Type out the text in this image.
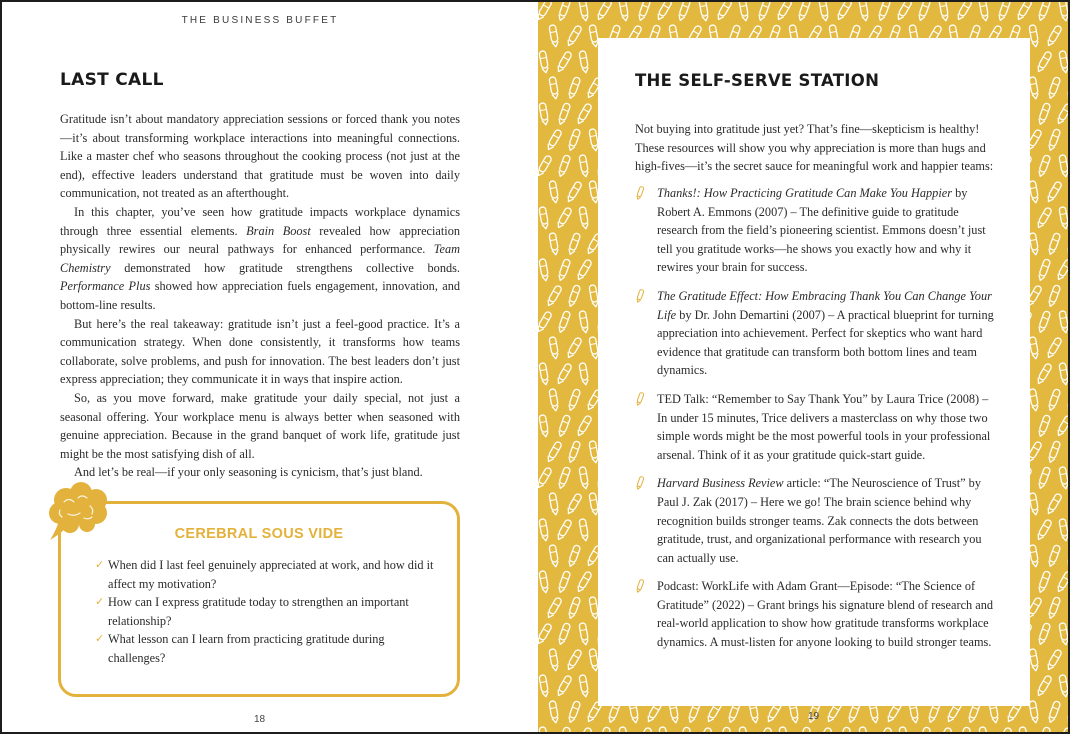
THE BUSINESS BUFFET
LAST CALL

Gratitude isn’t about mandatory appreciation sessions or forced thank you notes—it’s about transforming workplace interactions into meaningful connections. Like a master chef who seasons throughout the cooking process (not just at the end), effective leaders understand that gratitude must be woven into daily communication, not treated as an afterthought.

In this chapter, you’ve seen how gratitude impacts workplace dynamics through three essential elements. Brain Boost revealed how appreciation physically rewires our neural pathways for enhanced performance. Team Chemistry demonstrated how gratitude strengthens collective bonds. Performance Plus showed how appreciation fuels engagement, innovation, and bottom-line results.

But here’s the real takeaway: gratitude isn’t just a feel-good practice. It’s a communication strategy. When done consistently, it transforms how teams collaborate, solve problems, and push for innovation. The best leaders don’t just express appreciation; they communicate it in ways that inspire action.

So, as you move forward, make gratitude your daily special, not just a seasonal offering. Your workplace menu is always better when seasoned with genuine appreciation. Because in the grand banquet of work life, gratitude just might be the most satisfying dish of all.

And let’s be real—if your only seasoning is cynicism, that’s just bland.

CEREBRAL SOUS VIDE
✓ When did I last feel genuinely appreciated at work, and how did it affect my motivation?
✓ How can I express gratitude today to strengthen an important relationship?
✓ What lesson can I learn from practicing gratitude during challenges?
18
THE SELF-SERVE STATION
Not buying into gratitude just yet? That’s fine—skepticism is healthy! These resources will show you why appreciation is more than hugs and high-fives—it’s the secret sauce for meaningful work and happier teams:
Thanks!: How Practicing Gratitude Can Make You Happier by Robert A. Emmons (2007) – The definitive guide to gratitude research from the field’s pioneering scientist. Emmons doesn’t just tell you gratitude works—he shows you exactly how and why it rewires your brain for success.
The Gratitude Effect: How Embracing Thank You Can Change Your Life by Dr. John Demartini (2007) – A practical blueprint for turning appreciation into achievement. Perfect for skeptics who want hard evidence that gratitude can transform both bottom lines and team dynamics.
TED Talk: “Remember to Say Thank You” by Laura Trice (2008) – In under 15 minutes, Trice delivers a masterclass on why those two simple words might be the most powerful tools in your professional arsenal. Think of it as your gratitude quick-start guide.
Harvard Business Review article: “The Neuroscience of Trust” by Paul J. Zak (2017) – Here we go! The brain science behind why recognition builds stronger teams. Zak connects the dots between gratitude, trust, and organizational performance with research you can actually use.
Podcast: WorkLife with Adam Grant—Episode: “The Science of Gratitude” (2022) – Grant brings his signature blend of research and real-world application to show how gratitude transforms workplace dynamics. A must-listen for anyone looking to build stronger teams.
19
